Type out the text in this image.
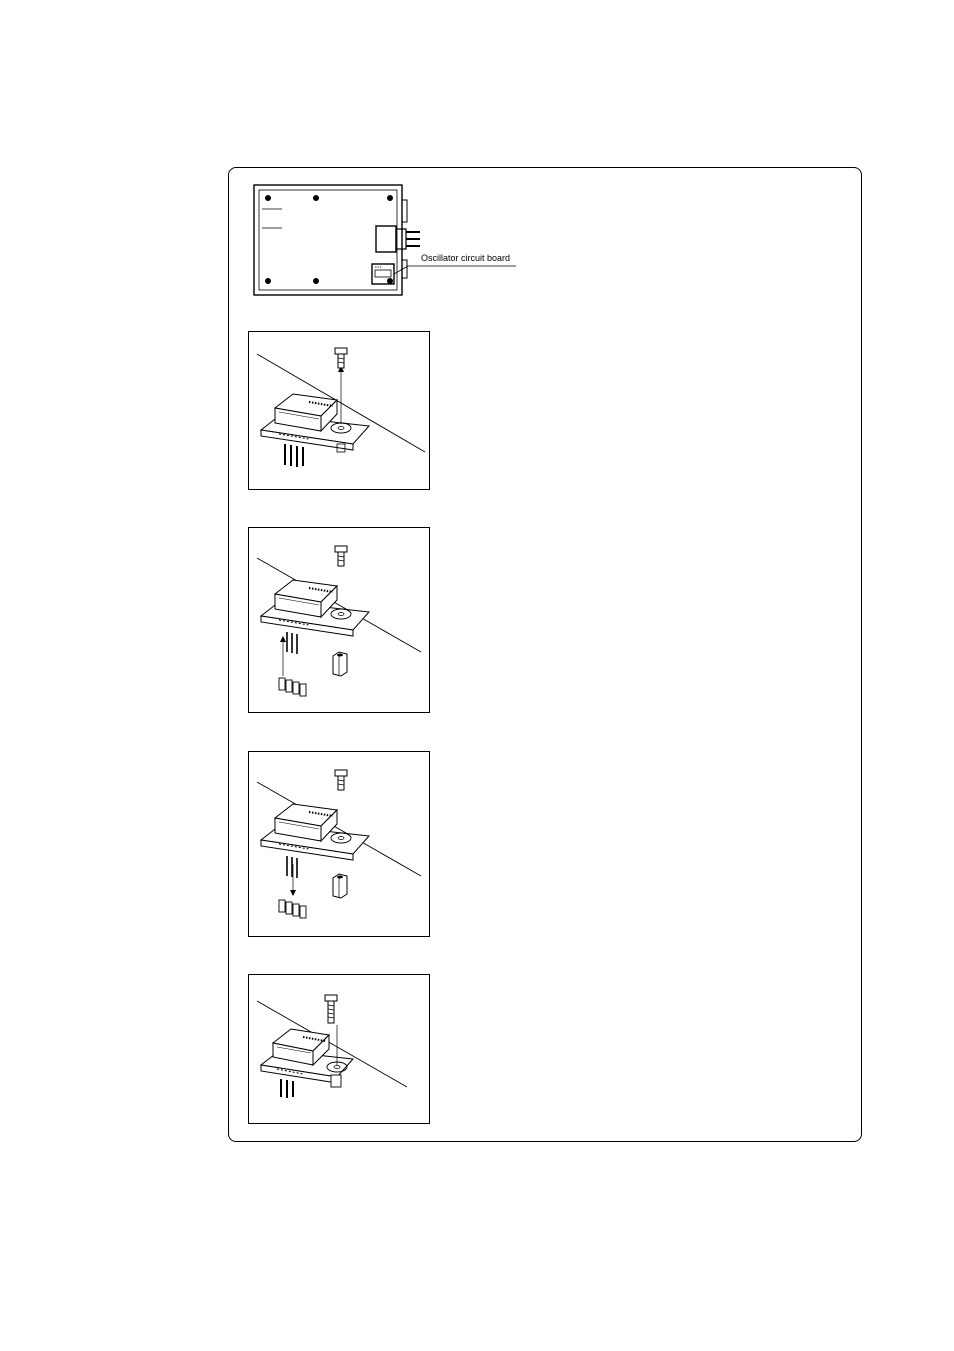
Oscillator circuit board
